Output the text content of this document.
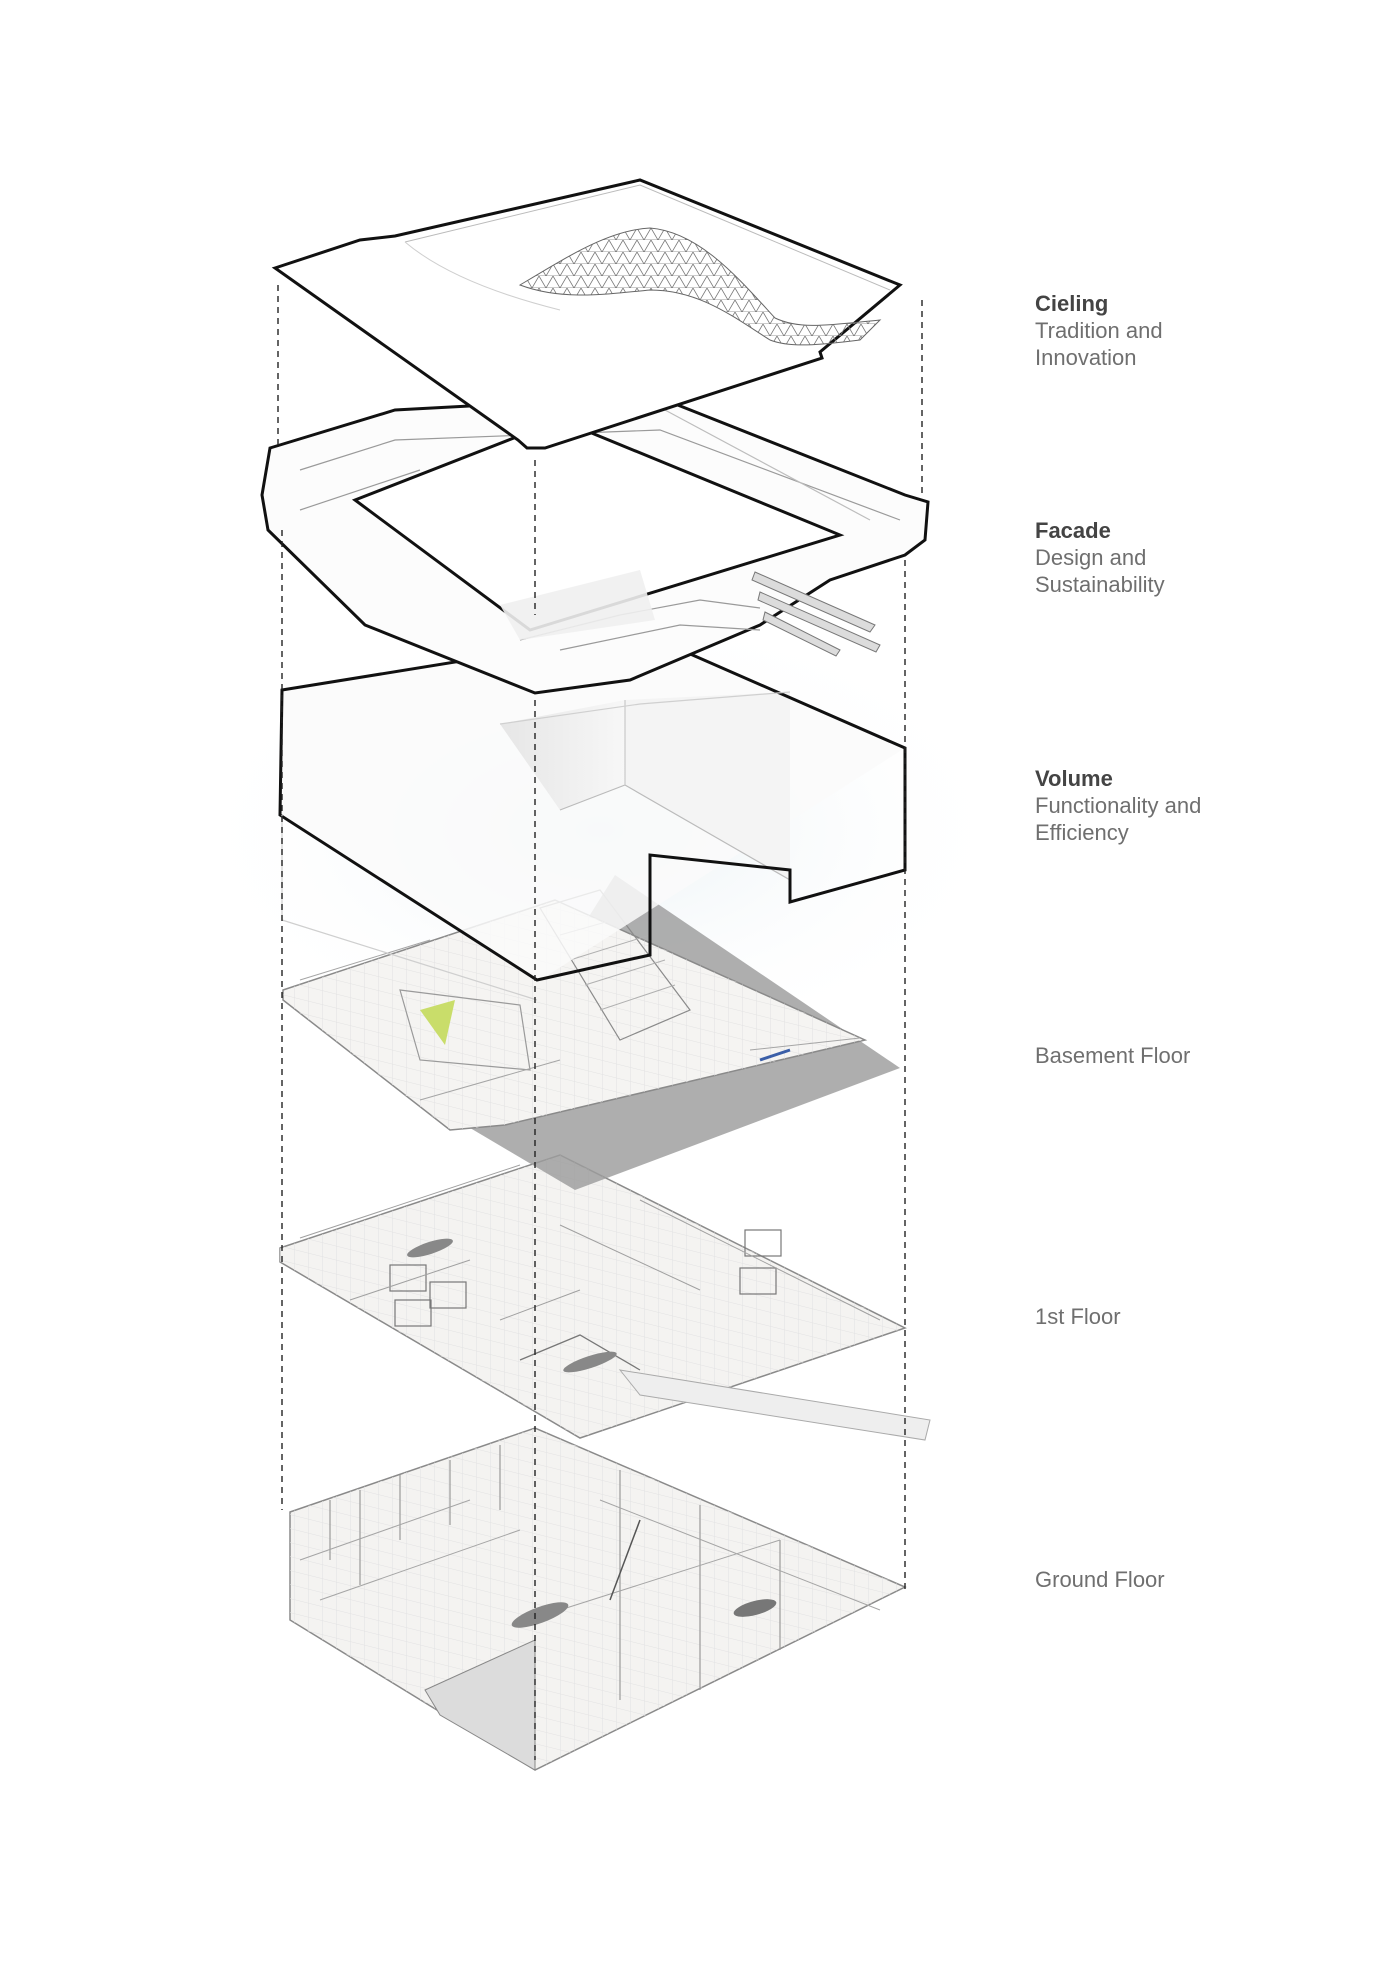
Cieling
Tradition and
Innovation
Facade
Design and
Sustainability
Volume
Functionality and
Efficiency
Basement Floor
1st Floor
Ground Floor
